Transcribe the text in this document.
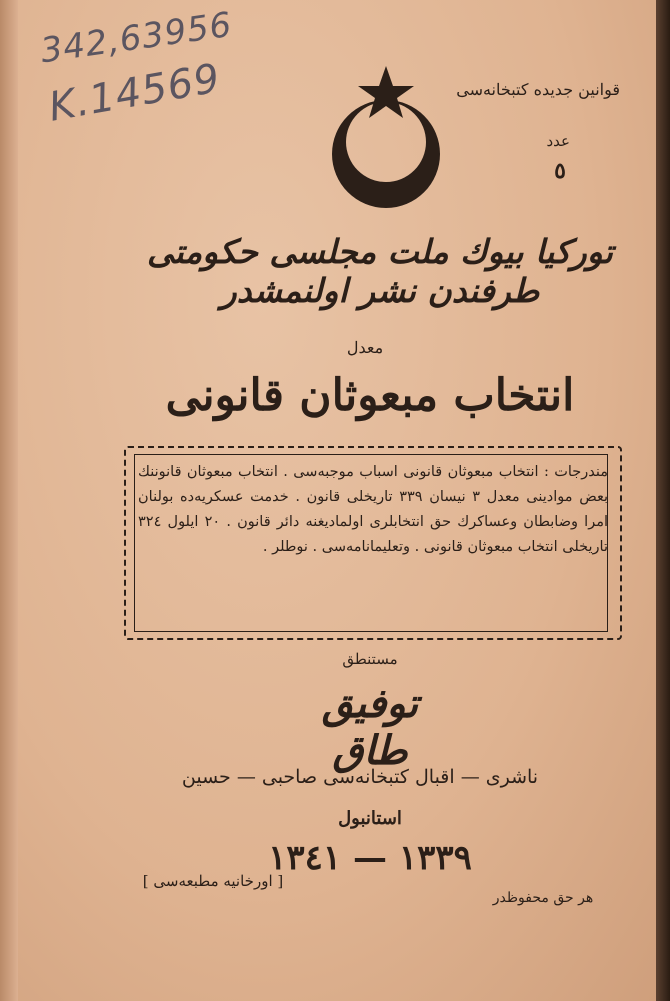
342,63956
K.14569	قوانين جديده كتبخانه‌سى
عدد
٥
توركيا بيوك ملت مجلسى حكومتى طرفندن نشر اولنمشدر
معدل
انتخاب مبعوثان قانونى
مندرجات : انتخاب مبعوثان قانونى اسباب موجبه‌سى . انتخاب مبعوثان قانوننك بعض موادينى معدل ٣ نيسان ٣٣٩ تاريخلى قانون . خدمت عسكريه‌ده بولنان امرا وضابطان وعساكرك حق انتخابلرى اولمادیغنه دائر قانون . ٢٠ ايلول ٣٢٤ تاريخلى انتخاب مبعوثان قانونى . وتعليمانامه‌سى . نوطلر .
مستنطق
توفيق طاق
ناشرى — اقبال كتبخانه‌سى صاحبى — حسين
استانبول
١٣٣٩ — ١٣٤١
[ اورخانيه مطبعه‌سى ]
هر حق محفوظدر
